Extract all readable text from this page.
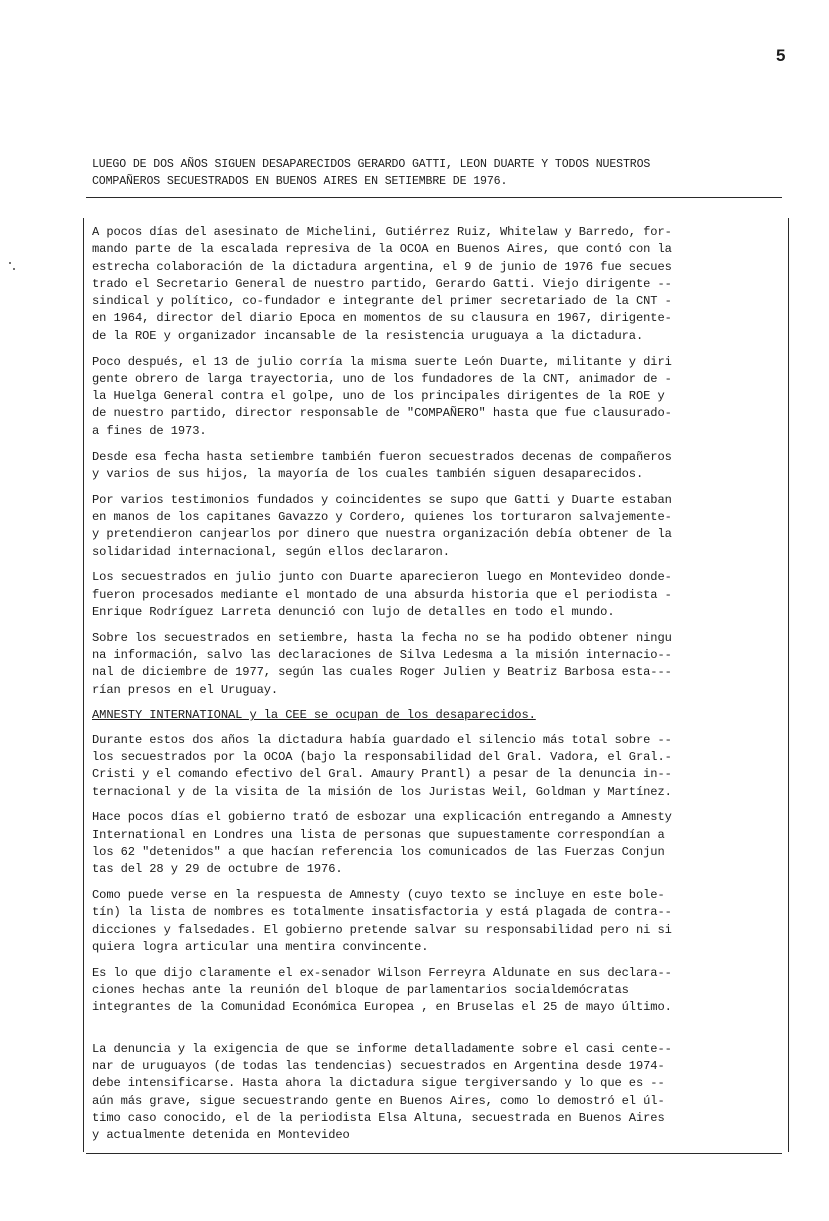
5
LUEGO DE DOS AÑOS SIGUEN DESAPARECIDOS GERARDO GATTI, LEON DUARTE Y TODOS NUESTROS
COMPAÑEROS SECUESTRADOS EN BUENOS AIRES EN SETIEMBRE DE 1976.

A pocos días del asesinato de Michelini, Gutiérrez Ruiz, Whitelaw y Barredo, for-
mando parte de la escalada represiva de la OCOA en Buenos Aires, que contó con la
estrecha colaboración de la dictadura argentina, el 9 de junio de 1976 fue secues
trado el Secretario General de nuestro partido, Gerardo Gatti. Viejo dirigente --
sindical y político, co-fundador e integrante del primer secretariado de la CNT -
en 1964, director del diario Epoca en momentos de su clausura en 1967, dirigente-
de la ROE y organizador incansable de la resistencia uruguaya a la dictadura.

Poco después, el 13 de julio corría la misma suerte León Duarte, militante y diri
gente obrero de larga trayectoria, uno de los fundadores de la CNT, animador de -
la Huelga General contra el golpe, uno de los principales dirigentes de la ROE y
de nuestro partido, director responsable de "COMPAÑERO" hasta que fue clausurado-
a fines de 1973.

Desde esa fecha hasta setiembre también fueron secuestrados decenas de compañeros
y varios de sus hijos, la mayoría de los cuales también siguen desaparecidos.

Por varios testimonios fundados y coincidentes se supo que Gatti y Duarte estaban
en manos de los capitanes Gavazzo y Cordero, quienes los torturaron salvajemente-
y pretendieron canjearlos por dinero que nuestra organización debía obtener de la
solidaridad internacional, según ellos declararon.

Los secuestrados en julio junto con Duarte aparecieron luego en Montevideo donde-
fueron procesados mediante el montado de una absurda historia que el periodista -
Enrique Rodríguez Larreta denunció con lujo de detalles en todo el mundo.

Sobre los secuestrados en setiembre, hasta la fecha no se ha podido obtener ningu
na información, salvo las declaraciones de Silva Ledesma a la misión internacio--
nal de diciembre de 1977, según las cuales Roger Julien y Beatriz Barbosa esta---
rían presos en el Uruguay.

AMNESTY INTERNATIONAL y la CEE se ocupan de los desaparecidos.

Durante estos dos años la dictadura había guardado el silencio más total sobre --
los secuestrados por la OCOA (bajo la responsabilidad del Gral. Vadora, el Gral.-
Cristi y el comando efectivo del Gral. Amaury Prantl) a pesar de la denuncia in--
ternacional y de la visita de la misión de los Juristas Weil, Goldman y Martínez.

Hace pocos días el gobierno trató de esbozar una explicación entregando a Amnesty
International en Londres una lista de personas que supuestamente correspondían a
los 62 "detenidos" a que hacían referencia los comunicados de las Fuerzas Conjun
tas del 28 y 29 de octubre de 1976.

Como puede verse en la respuesta de Amnesty (cuyo texto se incluye en este bole-
tín) la lista de nombres es totalmente insatisfactoria y está plagada de contra--
dicciones y falsedades. El gobierno pretende salvar su responsabilidad pero ni si
quiera logra articular una mentira convincente.

Es lo que dijo claramente el ex-senador Wilson Ferreyra Aldunate en sus declara--
ciones hechas ante la reunión del bloque de parlamentarios socialdemócratas
integrantes de la Comunidad Económica Europea , en Bruselas el 25 de mayo último.

La denuncia y la exigencia de que se informe detalladamente sobre el casi cente--
nar de uruguayos (de todas las tendencias) secuestrados en Argentina desde 1974-
debe intensificarse. Hasta ahora la dictadura sigue tergiversando y lo que es --
aún más grave, sigue secuestrando gente en Buenos Aires, como lo demostró el úl-
timo caso conocido, el de la periodista Elsa Altuna, secuestrada en Buenos Aires
y actualmente detenida en Montevideo
